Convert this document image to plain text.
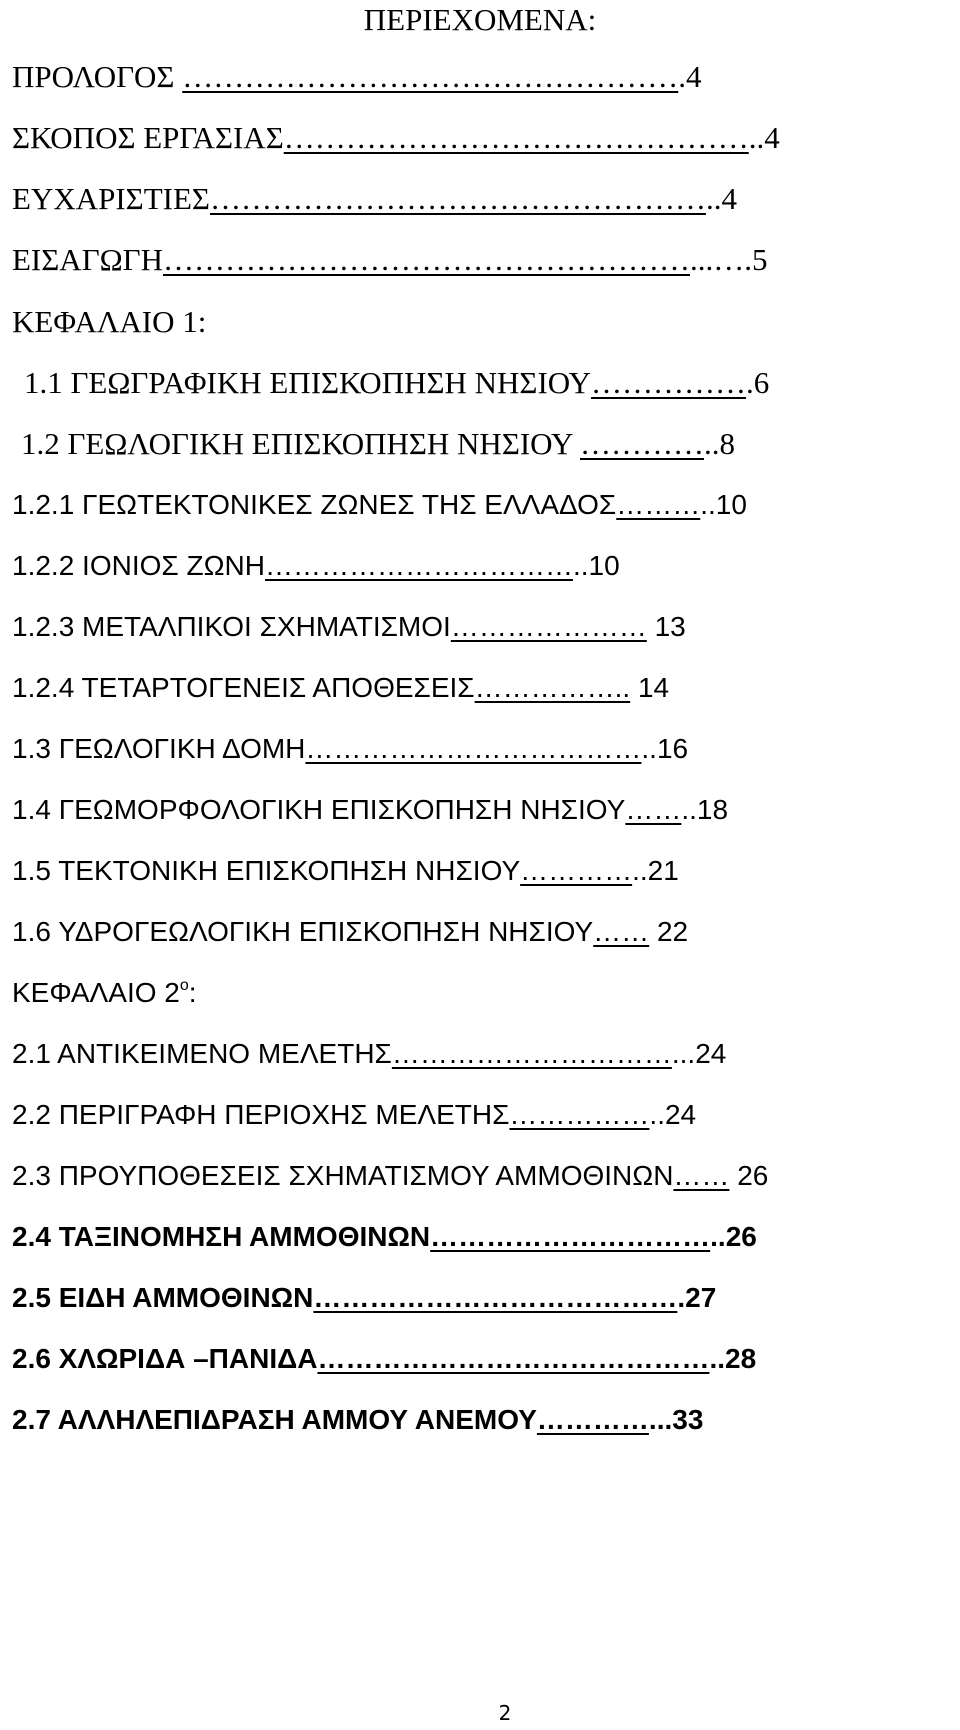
ΠΕΡΙΕΧΟΜΕΝΑ:
ΠΡΟΛΟΓΟΣ ………………………………………….4
ΣΚΟΠΟΣ ΕΡΓΑΣΙΑΣ………………………………………..4
ΕΥΧΑΡΙΣΤΙΕΣ…………………………………………..4
ΕΙΣΑΓΩΓΗ……………………………………………...….5
ΚΕΦΑΛΑΙΟ 1:
1.1 ΓΕΩΓΡΑΦΙΚΗ ΕΠΙΣΚΟΠΗΣΗ ΝΗΣΙΟΥ…………….6
1.2 ΓΕΩΛΟΓΙΚΗ ΕΠΙΣΚΟΠΗΣΗ ΝΗΣΙΟΥ …………..8
1.2.1 ΓΕΩΤΕΚΤΟΝΙΚΕΣ ΖΩΝΕΣ ΤΗΣ ΕΛΛΑΔΟΣ………..10
1.2.2 ΙΟΝΙΟΣ ΖΩΝΗ……………………………..10
1.2.3 ΜΕΤΑΛΠΙΚΟΙ ΣΧΗΜΑΤΙΣΜΟΙ………………… 13
1.2.4 ΤΕΤΑΡΤΟΓΕΝΕΙΣ ΑΠΟΘΕΣΕΙΣ…………….. 14
1.3 ΓΕΩΛΟΓΙΚΗ ΔΟΜΗ………………………………..16
1.4 ΓΕΩΜΟΡΦΟΛΟΓΙΚΗ ΕΠΙΣΚΟΠΗΣΗ ΝΗΣΙΟΥ……..18
1.5 ΤΕΚΤΟΝΙΚΗ ΕΠΙΣΚΟΠΗΣΗ ΝΗΣΙΟΥ…………..21
1.6 ΥΔΡΟΓΕΩΛΟΓΙΚΗ ΕΠΙΣΚΟΠΗΣΗ ΝΗΣΙΟΥ…… 22
ΚΕΦΑΛΑΙΟ $2^o$:
2.1 ΑΝΤΙΚΕΙΜΕΝΟ ΜΕΛΕΤΗΣ…………………………...24
2.2 ΠΕΡΙΓΡΑΦΗ ΠΕΡΙΟΧΗΣ ΜΕΛΕΤΗΣ……………..24
2.3 ΠΡΟΥΠΟΘΕΣΕΙΣ ΣΧΗΜΑΤΙΣΜΟΥ ΑΜΜΟΘΙΝΩΝ…… 26
2.4 ΤΑΞΙΝΟΜΗΣΗ ΑΜΜΟΘΙΝΩΝ…………………………..26
2.5 ΕΙΔΗ ΑΜΜΟΘΙΝΩΝ………………………………….27
2.6 ΧΛΩΡΙΔΑ –ΠΑΝΙΔΑ……………………………………..28
2.7 ΑΛΛΗΛΕΠΙΔΡΑΣΗ ΑΜΜΟΥ ΑΝΕΜΟΥ…………...33
2
